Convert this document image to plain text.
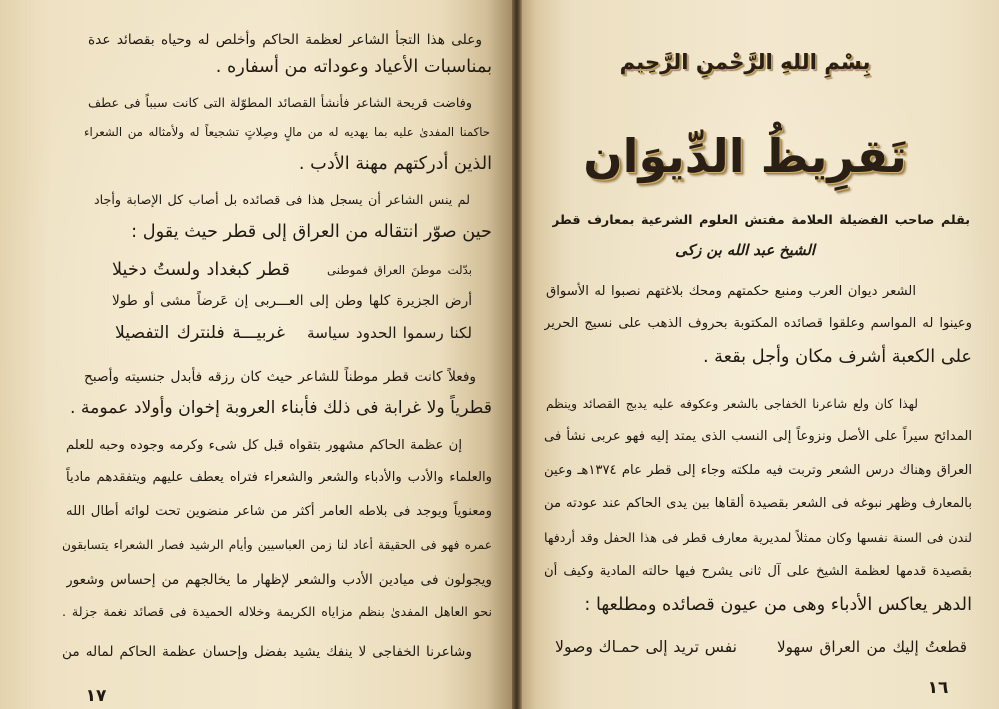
وعلى هذا التجأ الشاعر لعظمة الحاكم وأخلص له وحياه بقصائد عدة
بمناسبات الأعياد وعوداته من أسفاره .
وفاضت قريحة الشاعر فأنشأ القصائد المطوّلة التى كانت سبباً فى عطف
حاكمنا المفدىٰ عليه بما يهديه له من مالٍ وصِلاتٍ تشجيعاً له ولأمثاله من الشعراء
الذين أدركتهم مهنة الأدب .
لم ينس الشاعر أن يسجل هذا فى قصائده بل أصاب كل الإصابة وأجاد
حين صوّر انتقاله من العراق إلى قطر حيث يقول :
بدّلت موطنَ العراق فموطنى
قطر كبغداد ولستُ دخيلا
أرض الجزيرة كلها وطن إلى العـــربى إن عَرضاً مشى أو طولا
لكنا رسموا الحدود سياسة
غربيـــة فلنترك التفصيلا
وفعلاً كانت قطر موطناً للشاعر حيث كان رزقه فأبدل جنسيته وأصبح
قطرياً ولا غرابة فى ذلك فأبناء العروبة إخوان وأولاد عمومة .
إن عظمة الحاكم مشهور بتقواه قبل كل شىء وكرمه وجوده وحبه للعلم
والعلماء والأدب والأدباء والشعر والشعراء فتراه يعطف عليهم ويتفقدهم مادياً
ومعنوياً ويوجد فى بلاطه العامر أكثر من شاعر منضوين تحت لوائه أطال الله
عمره فهو فى الحقيقة أعاد لنا زمن العباسيين وأيام الرشيد فصار الشعراء يتسابقون
ويجولون فى ميادين الأدب والشعر لإظهار ما يخالجهم من إحساس وشعور
نحو العاهل المفدىٰ بنظم مزاياه الكريمة وخلاله الحميدة فى قصائد نغمة جزلة .
وشاعرنا الخفاجى لا ينفك يشيد بفضل وإحسان عظمة الحاكم لماله من
١٧
بِسْمِ اللهِ الرَّحْمنِ الرَّحِيم
تَقرِيظُ الدِّيوَان
بقلم صاحب الفضيلة العلامة مفتش العلوم الشرعية بمعارف قطر
الشيخ عبد الله بن زكى
الشعر ديوان العرب ومنبع حكمتهم ومحك بلاغتهم نصبوا له الأسواق
وعينوا له المواسم وعلقوا قصائده المكتوبة بحروف الذهب على نسيج الحرير
على الكعبة أشرف مكان وأجل بقعة .
لهذا كان ولع شاعرنا الخفاجى بالشعر وعكوفه عليه يدبج القصائد وينظم
المدائح سيراً على الأصل ونزوعاً إلى النسب الذى يمتد إليه فهو عربى نشأ فى
العراق وهناك درس الشعر وتربت فيه ملكته وجاء إلى قطر عام ١٣٧٤هـ وعين
بالمعارف وظهر نبوغه فى الشعر بقصيدة ألقاها بين يدى الحاكم عند عودته من
لندن فى السنة نفسها وكان ممثلاً لمديرية معارف قطر فى هذا الحفل وقد أردفها
بقصيدة قدمها لعظمة الشيخ على آل ثانى يشرح فيها حالته المادية وكيف أن
الدهر يعاكس الأدباء وهى من عيون قصائده ومطلعها :
قطعتُ إليك من العراق سهولا
نفس تريد إلى حمـاك وصولا
١٦
